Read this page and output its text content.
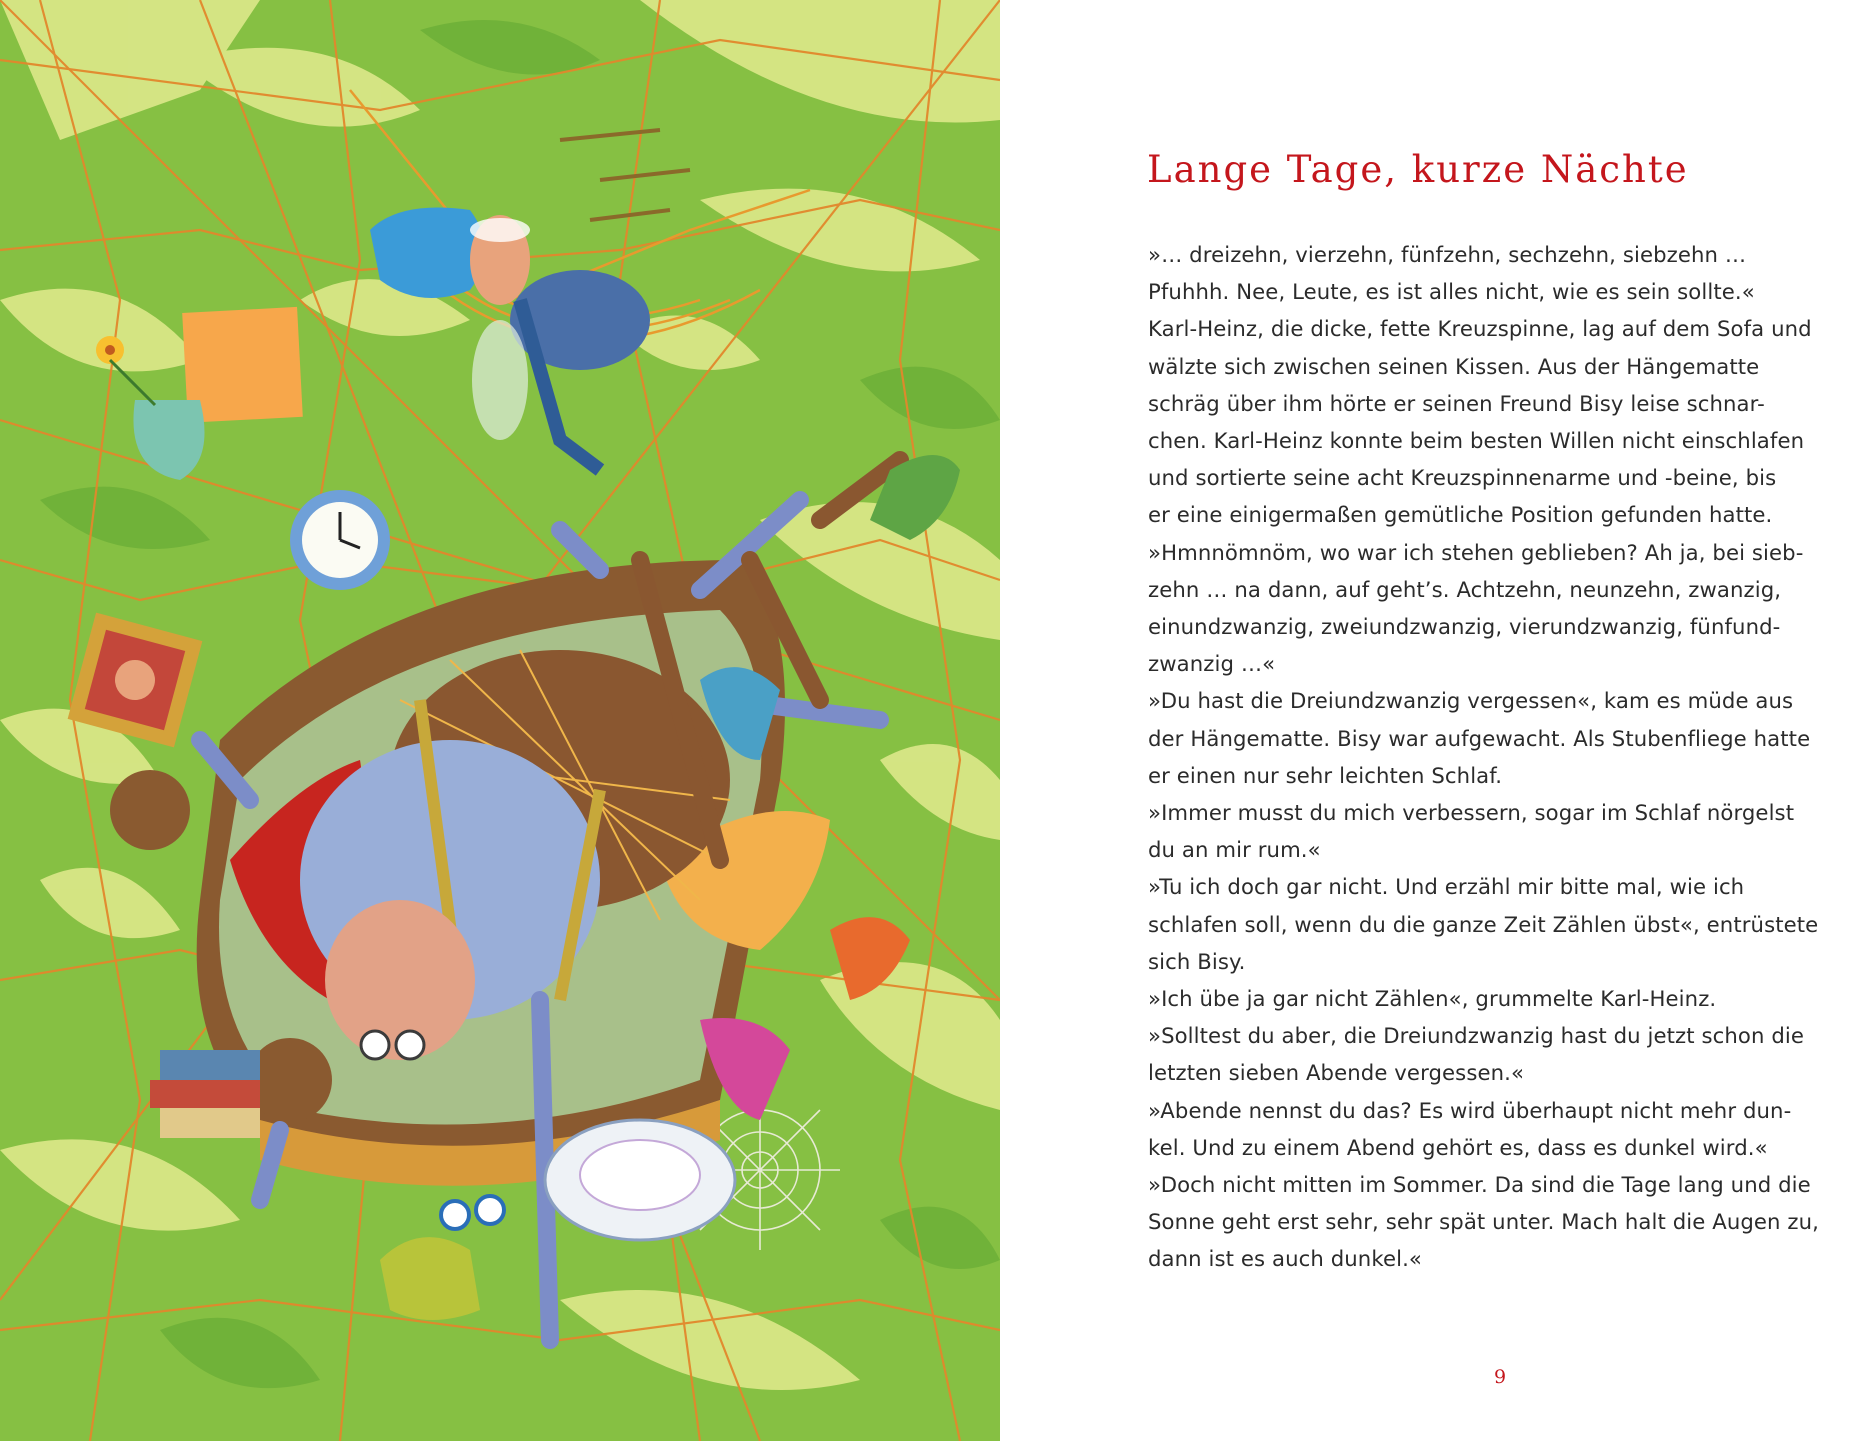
Lange Tage, kurze Nächte
»… dreizehn, vierzehn, fünfzehn, sechzehn, siebzehn …
Pfuhhh. Nee, Leute, es ist alles nicht, wie es sein sollte.«
Karl-Heinz, die dicke, fette Kreuzspinne, lag auf dem Sofa und
wälzte sich zwischen seinen Kissen. Aus der Hängematte
schräg über ihm hörte er seinen Freund Bisy leise schnar-
chen. Karl-Heinz konnte beim besten Willen nicht einschlafen
und sortierte seine acht Kreuzspinnenarme und -beine, bis
er eine einigermaßen gemütliche Position gefunden hatte.
»Hmnnömnöm, wo war ich stehen geblieben? Ah ja, bei sieb-
zehn … na dann, auf geht’s. Achtzehn, neunzehn, zwanzig,
einundzwanzig, zweiundzwanzig, vierundzwanzig, fünfund-
zwanzig …«
»Du hast die Dreiundzwanzig vergessen«, kam es müde aus
der Hängematte. Bisy war aufgewacht. Als Stubenfliege hatte
er einen nur sehr leichten Schlaf.
»Immer musst du mich verbessern, sogar im Schlaf nörgelst
du an mir rum.«
»Tu ich doch gar nicht. Und erzähl mir bitte mal, wie ich
schlafen soll, wenn du die ganze Zeit Zählen übst«, entrüstete
sich Bisy.
»Ich übe ja gar nicht Zählen«, grummelte Karl-Heinz.
»Solltest du aber, die Dreiundzwanzig hast du jetzt schon die
letzten sieben Abende vergessen.«
»Abende nennst du das? Es wird überhaupt nicht mehr dun-
kel. Und zu einem Abend gehört es, dass es dunkel wird.«
»Doch nicht mitten im Sommer. Da sind die Tage lang und die
Sonne geht erst sehr, sehr spät unter. Mach halt die Augen zu,
dann ist es auch dunkel.«
9
